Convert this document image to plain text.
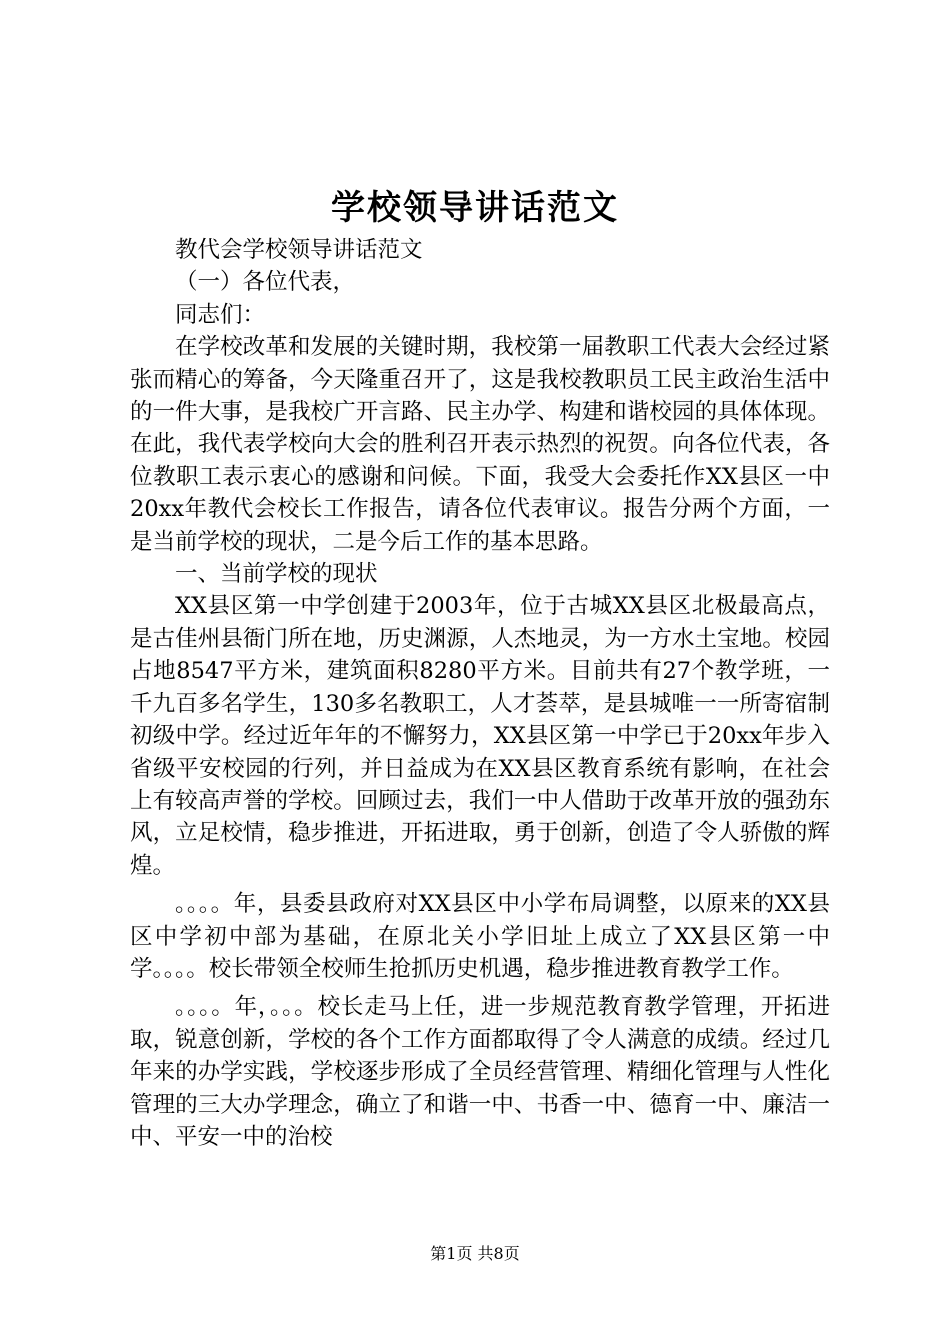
学校领导讲话范文

教代会学校领导讲话范文

（一）各位代表，

同志们：

在学校改革和发展的关键时期，我校第一届教职工代表大会经过紧张而精心的筹备，今天隆重召开了，这是我校教职员工民主政治生活中的一件大事，是我校广开言路、民主办学、构建和谐校园的具体体现。在此，我代表学校向大会的胜利召开表示热烈的祝贺。向各位代表，各位教职工表示衷心的感谢和问候。下面，我受大会委托作XX县区一中20xx年教代会校长工作报告，请各位代表审议。报告分两个方面，一是当前学校的现状，二是今后工作的基本思路。

一、当前学校的现状

XX县区第一中学创建于2003年，位于古城XX县区北极最高点，是古佳州县衙门所在地，历史渊源，人杰地灵，为一方水土宝地。校园占地8547平方米，建筑面积8280平方米。目前共有27个教学班，一千九百多名学生，130多名教职工，人才荟萃，是县城唯一一所寄宿制初级中学。经过近年年的不懈努力，XX县区第一中学已于20xx年步入省级平安校园的行列，并日益成为在XX县区教育系统有影响，在社会上有较高声誉的学校。回顾过去，我们一中人借助于改革开放的强劲东风，立足校情，稳步推进，开拓进取，勇于创新，创造了令人骄傲的辉煌。

。。。。年，县委县政府对XX县区中小学布局调整，以原来的XX县区中学初中部为基础，在原北关小学旧址上成立了XX县区第一中学。。。。校长带领全校师生抢抓历史机遇，稳步推进教育教学工作。

。。。。年，。。。校长走马上任，进一步规范教育教学管理，开拓进取，锐意创新，学校的各个工作方面都取得了令人满意的成绩。经过几年来的办学实践，学校逐步形成了全员经营管理、精细化管理与人性化管理的三大办学理念，确立了和谐一中、书香一中、德育一中、廉洁一中、平安一中的治校

第1页 共8页
